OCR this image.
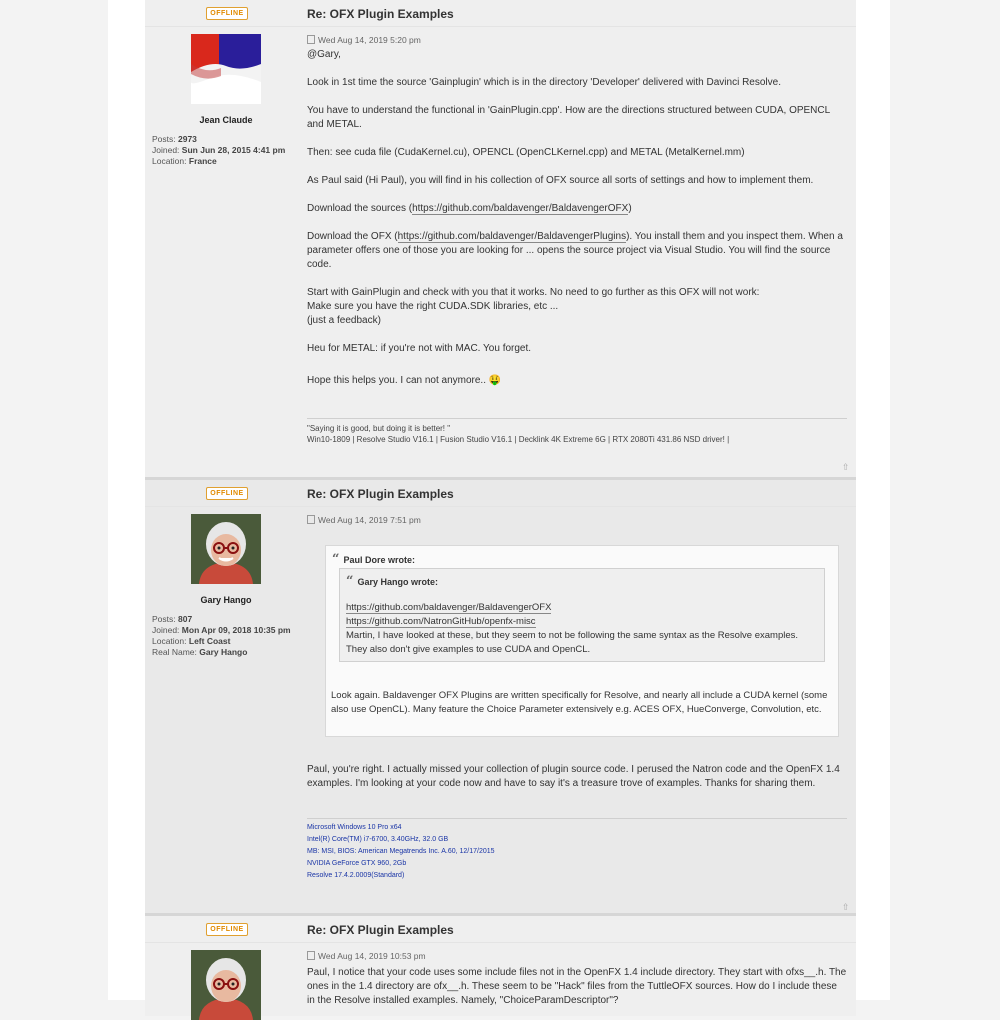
OFFLINE
Jean Claude
Posts: 2973
Joined: Sun Jun 28, 2015 4:41 pm
Location: France
Re: OFX Plugin Examples
Wed Aug 14, 2019 5:20 pm

@Gary,

Look in 1st time the source 'Gainplugin' which is in the directory 'Developer' delivered with Davinci Resolve.

You have to understand the functional in 'GainPlugin.cpp'. How are the directions structured between CUDA, OPENCL and METAL.

Then: see cuda file (CudaKernel.cu), OPENCL (OpenCLKernel.cpp) and METAL (MetalKernel.mm)

As Paul said (Hi Paul), you will find in his collection of OFX source all sorts of settings and how to implement them.

Download the sources (https://github.com/baldavenger/BaldavengerOFX)

Download the OFX (https://github.com/baldavenger/BaldavengerPlugins). You install them and you inspect them. When a parameter offers one of those you are looking for ... opens the source project via Visual Studio. You will find the source code.

Start with GainPlugin and check with you that it works. No need to go further as this OFX will not work:
Make sure you have the right CUDA.SDK libraries, etc ...
(just a feedback)

Heu for METAL: if you're not with MAC. You forget.

Hope this helps you. I can not anymore.. 🤑

"Saying it is good, but doing it is better! "
Win10-1809 | Resolve Studio V16.1 | Fusion Studio V16.1 | Decklink 4K Extreme 6G | RTX 2080Ti 431.86 NSD driver! |
⇧
OFFLINE
Gary Hango
Posts: 807
Joined: Mon Apr 09, 2018 10:35 pm
Location: Left Coast
Real Name: Gary Hango
Re: OFX Plugin Examples
Wed Aug 14, 2019 7:51 pm
“ Paul Dore wrote:
“ Gary Hango wrote:
https://github.com/baldavenger/BaldavengerOFX
https://github.com/NatronGitHub/openfx-misc
Martin, I have looked at these, but they seem to not be following the same syntax as the Resolve examples. They also don't give examples to use CUDA and OpenCL.
Look again. Baldavenger OFX Plugins are written specifically for Resolve, and nearly all include a CUDA kernel (some also use OpenCL). Many feature the Choice Parameter extensively e.g. ACES OFX, HueConverge, Convolution, etc.
Paul, you're right. I actually missed your collection of plugin source code. I perused the Natron code and the OpenFX 1.4 examples. I'm looking at your code now and have to say it's a treasure trove of examples. Thanks for sharing them.
Microsoft Windows 10 Pro x64
Intel(R) Core(TM) i7-6700, 3.40GHz, 32.0 GB
MB: MSI, BIOS: American Megatrends Inc. A.60, 12/17/2015
NVIDIA GeForce GTX 960, 2Gb
Resolve 17.4.2.0009(Standard)
⇧
OFFLINE	Re: OFX Plugin Examples
Wed Aug 14, 2019 10:53 pm
Paul, I notice that your code uses some include files not in the OpenFX 1.4 include directory. They start with ofxs__.h. The ones in the 1.4 directory are ofx__.h. These seem to be "Hack" files from the TuttleOFX sources. How do I include these in the Resolve installed examples. Namely, "ChoiceParamDescriptor"?
